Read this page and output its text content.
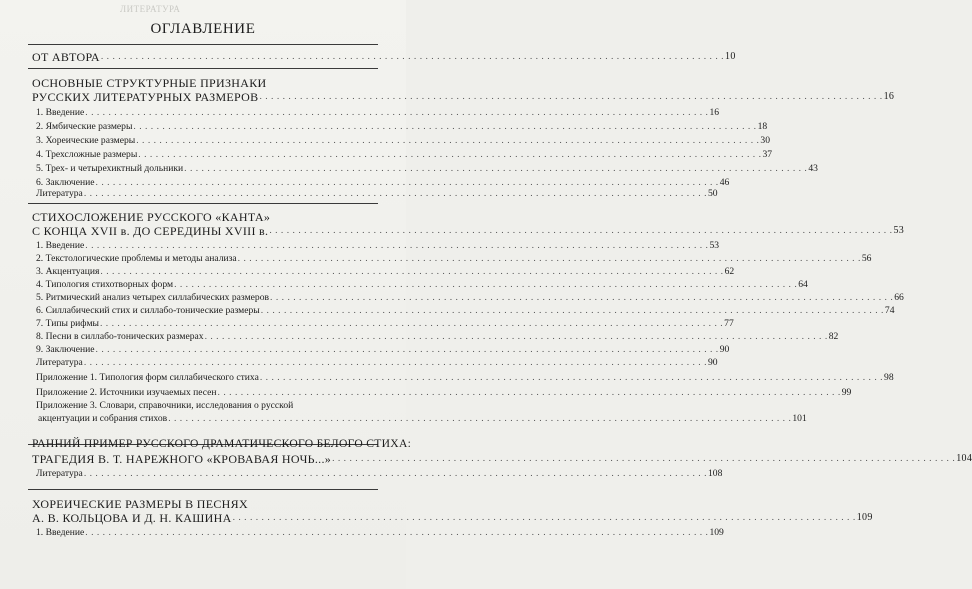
ЛИТЕРАТУРА
ОГЛАВЛЕНИЕ
ОТ АВТОРА . . . . . . . . . . . . . . . . . . . . . . . . . . . . . . . . . . . . . . . . . . . . . . . . . . . . . . . . . . . . . . . . . . . . . . . . . . . . . . . . . . . . . . . . . . . . . . . . . . . . . . . . . . . . 10
ОСНОВНЫЕ СТРУКТУРНЫЕ ПРИЗНАКИ
РУССКИХ ЛИТЕРАТУРНЫХ РАЗМЕРОВ . . . . . . . . . . . . . . . . . . . . . . . . . . . . . . . . . . . . . . . . . . . . . . . . . . . . . . . . . . . . . . . . . . . . . . . . . . . . . . . . . . . . . . . . . . . . . . . . . . . . . . . . . . . . 16
1. Введение . . . . . . . . . . . . . . . . . . . . . . . . . . . . . . . . . . . . . . . . . . . . . . . . . . . . . . . . . . . . . . . . . . . . . . . . . . . . . . . . . . . . . . . . . . . . . . . . . . . . . . . . . . . . 16
2. Ямбические размеры . . . . . . . . . . . . . . . . . . . . . . . . . . . . . . . . . . . . . . . . . . . . . . . . . . . . . . . . . . . . . . . . . . . . . . . . . . . . . . . . . . . . . . . . . . . . . . . . . . . . . . . . . . . . 18
3. Хореические размеры . . . . . . . . . . . . . . . . . . . . . . . . . . . . . . . . . . . . . . . . . . . . . . . . . . . . . . . . . . . . . . . . . . . . . . . . . . . . . . . . . . . . . . . . . . . . . . . . . . . . . . . . . . . . 30
4. Трехсложные размеры . . . . . . . . . . . . . . . . . . . . . . . . . . . . . . . . . . . . . . . . . . . . . . . . . . . . . . . . . . . . . . . . . . . . . . . . . . . . . . . . . . . . . . . . . . . . . . . . . . . . . . . . . . . . 37
5. Трех- и четырехиктный дольники . . . . . . . . . . . . . . . . . . . . . . . . . . . . . . . . . . . . . . . . . . . . . . . . . . . . . . . . . . . . . . . . . . . . . . . . . . . . . . . . . . . . . . . . . . . . . . . . . . . . . . . . . . . . 43
6. Заключение . . . . . . . . . . . . . . . . . . . . . . . . . . . . . . . . . . . . . . . . . . . . . . . . . . . . . . . . . . . . . . . . . . . . . . . . . . . . . . . . . . . . . . . . . . . . . . . . . . . . . . . . . . . . 46
Литература . . . . . . . . . . . . . . . . . . . . . . . . . . . . . . . . . . . . . . . . . . . . . . . . . . . . . . . . . . . . . . . . . . . . . . . . . . . . . . . . . . . . . . . . . . . . . . . . . . . . . . . . . . . . 50
СТИХОСЛОЖЕНИЕ РУССКОГО «КАНТА»
С КОНЦА XVII в. ДО СЕРЕДИНЫ XVIII в. . . . . . . . . . . . . . . . . . . . . . . . . . . . . . . . . . . . . . . . . . . . . . . . . . . . . . . . . . . . . . . . . . . . . . . . . . . . . . . . . . . . . . . . . . . . . . . . . . . . . . . . . . . . . 53
1. Введение . . . . . . . . . . . . . . . . . . . . . . . . . . . . . . . . . . . . . . . . . . . . . . . . . . . . . . . . . . . . . . . . . . . . . . . . . . . . . . . . . . . . . . . . . . . . . . . . . . . . . . . . . . . . 53
2. Текстологические проблемы и методы анализа . . . . . . . . . . . . . . . . . . . . . . . . . . . . . . . . . . . . . . . . . . . . . . . . . . . . . . . . . . . . . . . . . . . . . . . . . . . . . . . . . . . . . . . . . . . . . . . . . . . . . . . . . . . . 56
3. Акцентуация . . . . . . . . . . . . . . . . . . . . . . . . . . . . . . . . . . . . . . . . . . . . . . . . . . . . . . . . . . . . . . . . . . . . . . . . . . . . . . . . . . . . . . . . . . . . . . . . . . . . . . . . . . . . 62
4. Типология стихотворных форм . . . . . . . . . . . . . . . . . . . . . . . . . . . . . . . . . . . . . . . . . . . . . . . . . . . . . . . . . . . . . . . . . . . . . . . . . . . . . . . . . . . . . . . . . . . . . . . . . . . . . . . . . . . . 64
5. Ритмический анализ четырех силлабических размеров . . . . . . . . . . . . . . . . . . . . . . . . . . . . . . . . . . . . . . . . . . . . . . . . . . . . . . . . . . . . . . . . . . . . . . . . . . . . . . . . . . . . . . . . . . . . . . . . . . . . . . . . . . . . 66
6. Силлабический стих и силлабо-тонические размеры . . . . . . . . . . . . . . . . . . . . . . . . . . . . . . . . . . . . . . . . . . . . . . . . . . . . . . . . . . . . . . . . . . . . . . . . . . . . . . . . . . . . . . . . . . . . . . . . . . . . . . . . . . . . 74
7. Типы рифмы . . . . . . . . . . . . . . . . . . . . . . . . . . . . . . . . . . . . . . . . . . . . . . . . . . . . . . . . . . . . . . . . . . . . . . . . . . . . . . . . . . . . . . . . . . . . . . . . . . . . . . . . . . . . 77
8. Песни в силлабо-тонических размерах . . . . . . . . . . . . . . . . . . . . . . . . . . . . . . . . . . . . . . . . . . . . . . . . . . . . . . . . . . . . . . . . . . . . . . . . . . . . . . . . . . . . . . . . . . . . . . . . . . . . . . . . . . . . 82
9. Заключение . . . . . . . . . . . . . . . . . . . . . . . . . . . . . . . . . . . . . . . . . . . . . . . . . . . . . . . . . . . . . . . . . . . . . . . . . . . . . . . . . . . . . . . . . . . . . . . . . . . . . . . . . . . . 90
Литература . . . . . . . . . . . . . . . . . . . . . . . . . . . . . . . . . . . . . . . . . . . . . . . . . . . . . . . . . . . . . . . . . . . . . . . . . . . . . . . . . . . . . . . . . . . . . . . . . . . . . . . . . . . . 90
Приложение 1. Типология форм силлабического стиха . . . . . . . . . . . . . . . . . . . . . . . . . . . . . . . . . . . . . . . . . . . . . . . . . . . . . . . . . . . . . . . . . . . . . . . . . . . . . . . . . . . . . . . . . . . . . . . . . . . . . . . . . . . . 98
Приложение 2. Источники изучаемых песен . . . . . . . . . . . . . . . . . . . . . . . . . . . . . . . . . . . . . . . . . . . . . . . . . . . . . . . . . . . . . . . . . . . . . . . . . . . . . . . . . . . . . . . . . . . . . . . . . . . . . . . . . . . . 99
Приложение 3. Словари, справочники, исследования о русской
акцентуации и собрания стихов . . . . . . . . . . . . . . . . . . . . . . . . . . . . . . . . . . . . . . . . . . . . . . . . . . . . . . . . . . . . . . . . . . . . . . . . . . . . . . . . . . . . . . . . . . . . . . . . . . . . . . . . . . . . 101
РАННИЙ ПРИМЕР РУССКОГО ДРАМАТИЧЕСКОГО БЕЛОГО СТИХА:
ТРАГЕДИЯ В. Т. НАРЕЖНОГО «КРОВАВАЯ НОЧЬ...» . . . . . . . . . . . . . . . . . . . . . . . . . . . . . . . . . . . . . . . . . . . . . . . . . . . . . . . . . . . . . . . . . . . . . . . . . . . . . . . . . . . . . . . . . . . . . . . . . . . . . . . . . . . . 104
Литература . . . . . . . . . . . . . . . . . . . . . . . . . . . . . . . . . . . . . . . . . . . . . . . . . . . . . . . . . . . . . . . . . . . . . . . . . . . . . . . . . . . . . . . . . . . . . . . . . . . . . . . . . . . . 108
ХОРЕИЧЕСКИЕ РАЗМЕРЫ В ПЕСНЯХ
А. В. КОЛЬЦОВА И Д. Н. КАШИНА . . . . . . . . . . . . . . . . . . . . . . . . . . . . . . . . . . . . . . . . . . . . . . . . . . . . . . . . . . . . . . . . . . . . . . . . . . . . . . . . . . . . . . . . . . . . . . . . . . . . . . . . . . . . 109
1. Введение . . . . . . . . . . . . . . . . . . . . . . . . . . . . . . . . . . . . . . . . . . . . . . . . . . . . . . . . . . . . . . . . . . . . . . . . . . . . . . . . . . . . . . . . . . . . . . . . . . . . . . . . . . . . 109
